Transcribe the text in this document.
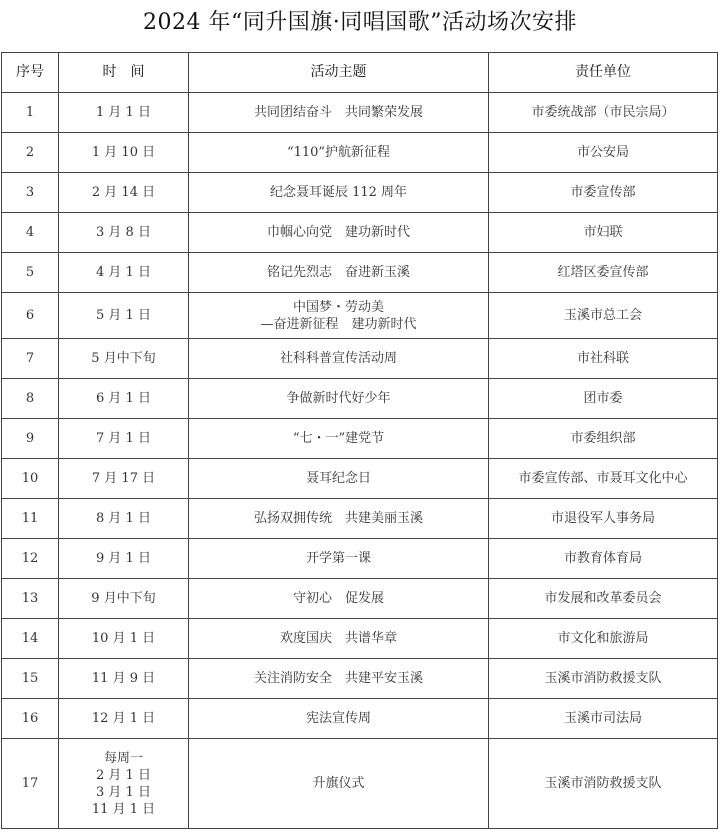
2024 年“同升国旗·同唱国歌”活动场次安排
序号	时　间	活动主题	责任单位
1	1 月 1 日	共同团结奋斗　共同繁荣发展	市委统战部（市民宗局）
2	1 月 10 日	“110”护航新征程	市公安局
3	2 月 14 日	纪念聂耳诞辰 112 周年	市委宣传部
4	3 月 8 日	巾帼心向党　建功新时代	市妇联
5	4 月 1 日	铭记先烈志　奋进新玉溪	红塔区委宣传部
6	5 月 1 日	中国梦・劳动美
—奋进新征程　建功新时代	玉溪市总工会
7	5 月中下旬	社科科普宣传活动周	市社科联
8	6 月 1 日	争做新时代好少年	团市委
9	7 月 1 日	“七・一”建党节	市委组织部
10	7 月 17 日	聂耳纪念日	市委宣传部、市聂耳文化中心
11	8 月 1 日	弘扬双拥传统　共建美丽玉溪	市退役军人事务局
12	9 月 1 日	开学第一课	市教育体育局
13	9 月中下旬	守初心　促发展	市发展和改革委员会
14	10 月 1 日	欢度国庆　共谱华章	市文化和旅游局
15	11 月 9 日	关注消防安全　共建平安玉溪	玉溪市消防救援支队
16	12 月 1 日	宪法宣传周	玉溪市司法局
17	每周一
2 月 1 日
3 月 1 日
11 月 1 日	升旗仪式	玉溪市消防救援支队
